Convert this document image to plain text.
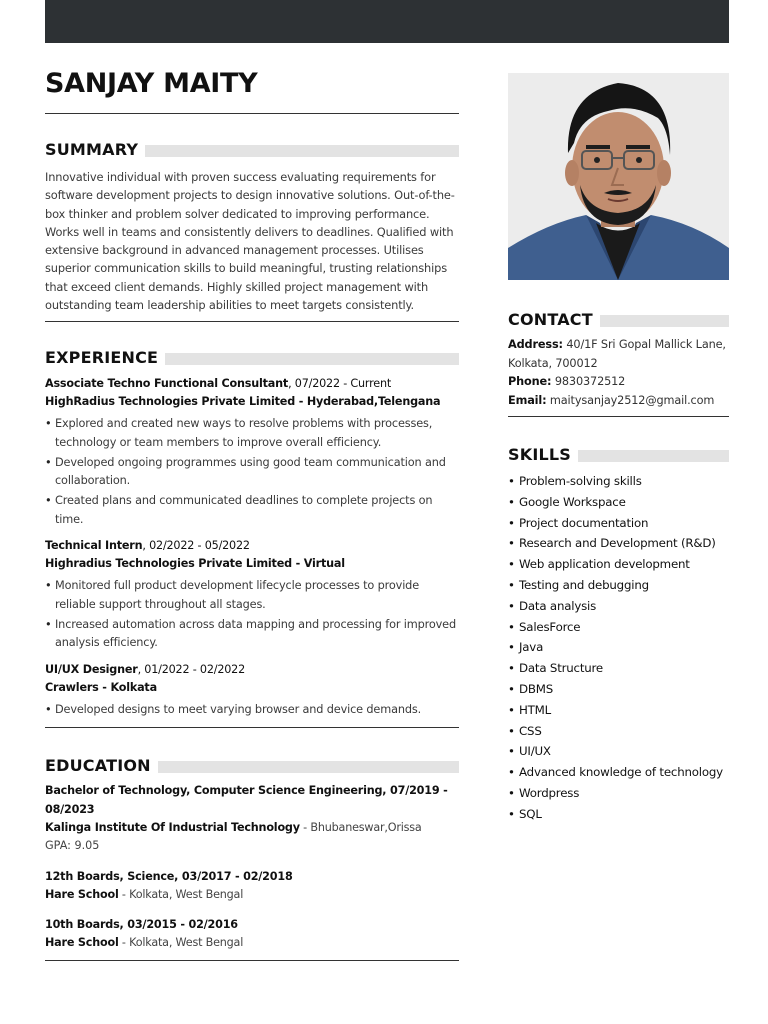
SANJAY MAITY
SUMMARY
Innovative individual with proven success evaluating requirements for software development projects to design innovative solutions. Out-of-the-box thinker and problem solver dedicated to improving performance. Works well in teams and consistently delivers to deadlines. Qualified with extensive background in advanced management processes. Utilises superior communication skills to build meaningful, trusting relationships that exceed client demands. Highly skilled project management with outstanding team leadership abilities to meet targets consistently.
EXPERIENCE
Associate Techno Functional Consultant, 07/2022 - Current
HighRadius Technologies Private Limited - Hyderabad,Telengana
• Explored and created new ways to resolve problems with processes, technology or team members to improve overall efficiency.
• Developed ongoing programmes using good team communication and collaboration.
• Created plans and communicated deadlines to complete projects on time.
Technical Intern, 02/2022 - 05/2022
Highradius Technologies Private Limited - Virtual
• Monitored full product development lifecycle processes to provide reliable support throughout all stages.
• Increased automation across data mapping and processing for improved analysis efficiency.
UI/UX Designer, 01/2022 - 02/2022
Crawlers - Kolkata
• Developed designs to meet varying browser and device demands.
EDUCATION
Bachelor of Technology, Computer Science Engineering, 07/2019 - 08/2023
Kalinga Institute Of Industrial Technology - Bhubaneswar,Orissa
GPA: 9.05
12th Boards, Science, 03/2017 - 02/2018
Hare School - Kolkata, West Bengal
10th Boards, 03/2015 - 02/2016
Hare School - Kolkata, West Bengal
CONTACT
Address: 40/1F Sri Gopal Mallick Lane, Kolkata, 700012
Phone: 9830372512
Email: maitysanjay2512@gmail.com
SKILLS
• Problem-solving skills
• Google Workspace
• Project documentation
• Research and Development (R&D)
• Web application development
• Testing and debugging
• Data analysis
• SalesForce
• Java
• Data Structure
• DBMS
• HTML
• CSS
• UI/UX
• Advanced knowledge of technology
• Wordpress
• SQL
